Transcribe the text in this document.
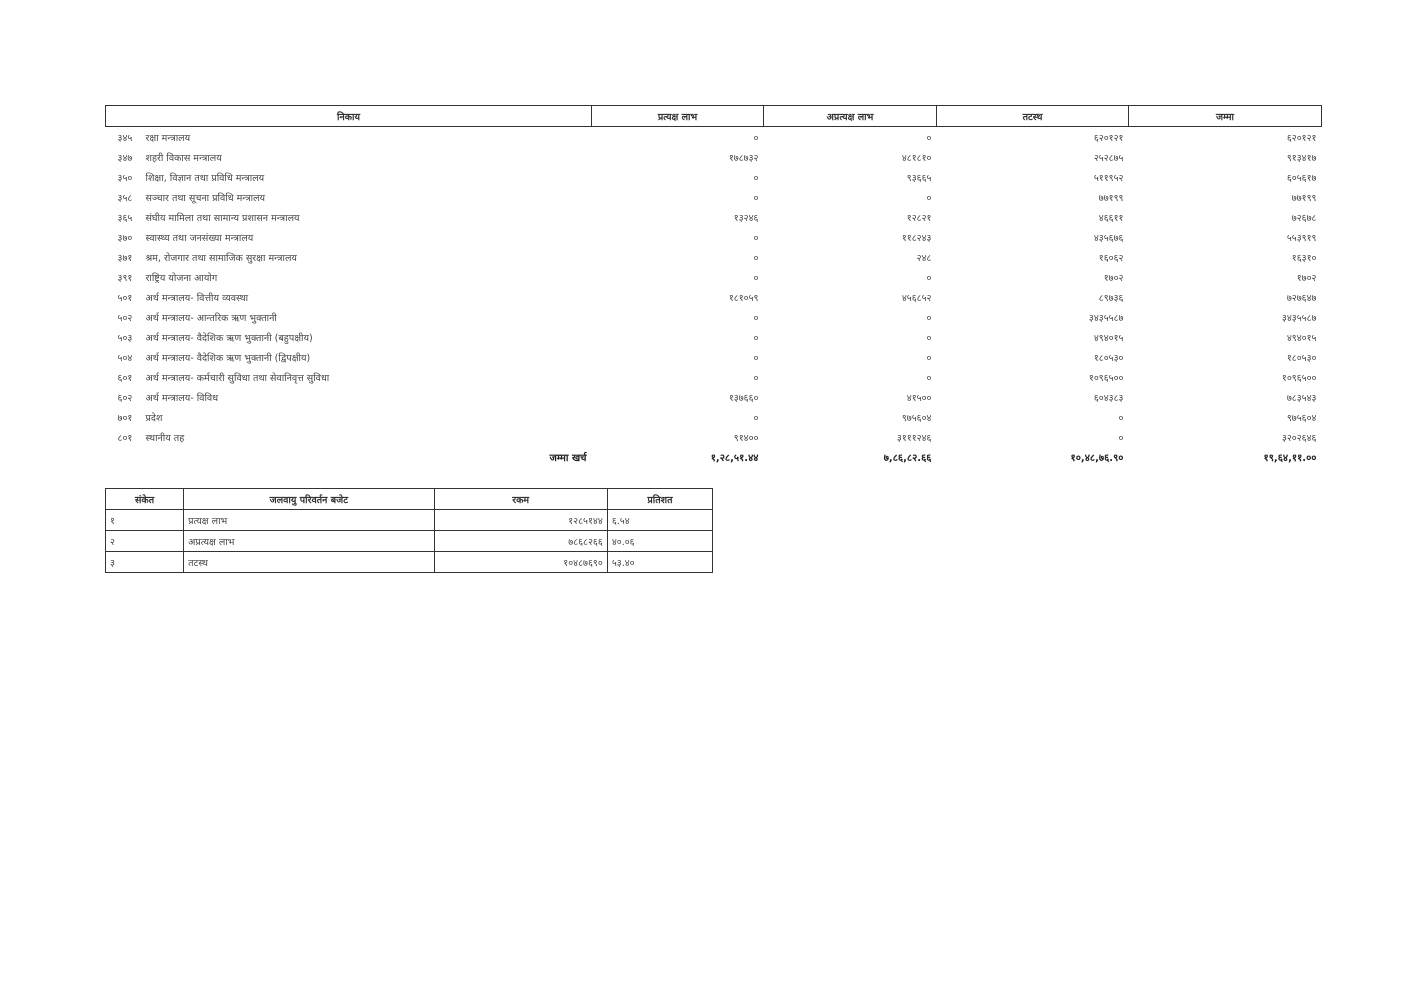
निकाय	प्रत्यक्ष लाभ	अप्रत्यक्ष लाभ	तटस्थ	जम्मा
३४५ रक्षा मन्त्रालय	०	०	६२०१२१	६२०१२१
३४७ शहरी विकास मन्त्रालय	१७८७३२	४८१८१०	२५२८७५	९१३४१७
३५० शिक्षा, विज्ञान तथा प्रविधि मन्त्रालय	०	९३६६५	५११९५२	६०५६१७
३५८ सञ्चार तथा सूचना प्रविधि मन्त्रालय	०	०	७७१९९	७७१९९
३६५ संघीय मामिला तथा सामान्य प्रशासन मन्त्रालय	१३२४६	१२८२१	४६६११	७२६७८
३७० स्वास्थ्य तथा जनसंख्या मन्त्रालय	०	११८२४३	४३५६७६	५५३९१९
३७१ श्रम, रोजगार तथा सामाजिक सुरक्षा मन्त्रालय	०	२४८	१६०६२	१६३१०
३९१ राष्ट्रिय योजना आयोग	०	०	१७०२	१७०२
५०१ अर्थ मन्त्रालय- वित्तीय व्यवस्था	१८१०५९	४५६८५२	८९७३६	७२७६४७
५०२ अर्थ मन्त्रालय- आन्तरिक ऋण भुक्तानी	०	०	३४३५५८७	३४३५५८७
५०३ अर्थ मन्त्रालय- वैदेशिक ऋण भुक्तानी (बहुपक्षीय)	०	०	४९४०१५	४९४०१५
५०४ अर्थ मन्त्रालय- वैदेशिक ऋण भुक्तानी (द्विपक्षीय)	०	०	१८०५३०	१८०५३०
६०१ अर्थ मन्त्रालय- कर्मचारी सुविधा तथा सेवानिवृत्त सुविधा	०	०	१०९६५००	१०९६५००
६०२ अर्थ मन्त्रालय- विविध	१३७६६०	४१५००	६०४३८३	७८३५४३
७०१ प्रदेश	०	९७५६०४	०	९७५६०४
८०१ स्थानीय तह	९१४००	३१११२४६	०	३२०२६४६
जम्मा खर्च	१,२८,५१.४४	७,८६,८२.६६	१०,४८,७६.९०	१९,६४,११.००
संकेत	जलवायु परिवर्तन बजेट	रकम	प्रतिशत
१	प्रत्यक्ष लाभ	१२८५१४४	६.५४
२	अप्रत्यक्ष लाभ	७८६८२६६	४०.०६
३	तटस्थ	१०४८७६९०	५३.४०
